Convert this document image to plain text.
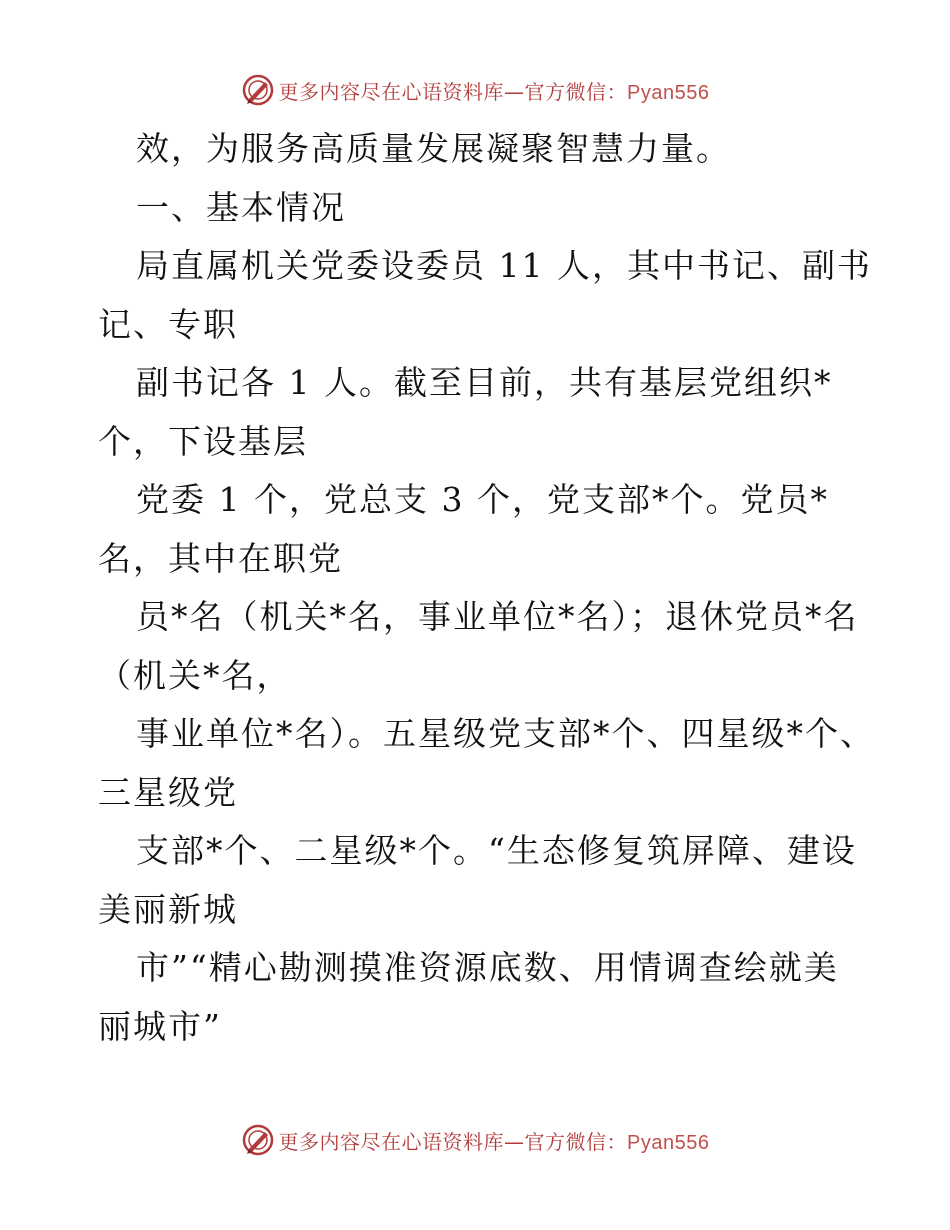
更多内容尽在心语资料库—官方微信：Pyan556
效，为服务高质量发展凝聚智慧力量。
一、基本情况
局直属机关党委设委员 11 人，其中书记、副书
记、专职
副书记各 1 人。截至目前，共有基层党组织*
个，下设基层
党委 1 个，党总支 3 个，党支部*个。党员*
名，其中在职党
员*名（机关*名，事业单位*名）；退休党员*名
（机关*名，
事业单位*名）。五星级党支部*个、四星级*个、
三星级党
支部*个、二星级*个。“生态修复筑屏障、建设
美丽新城
市”“精心勘测摸准资源底数、用情调查绘就美
丽城市”
更多内容尽在心语资料库—官方微信：Pyan556
